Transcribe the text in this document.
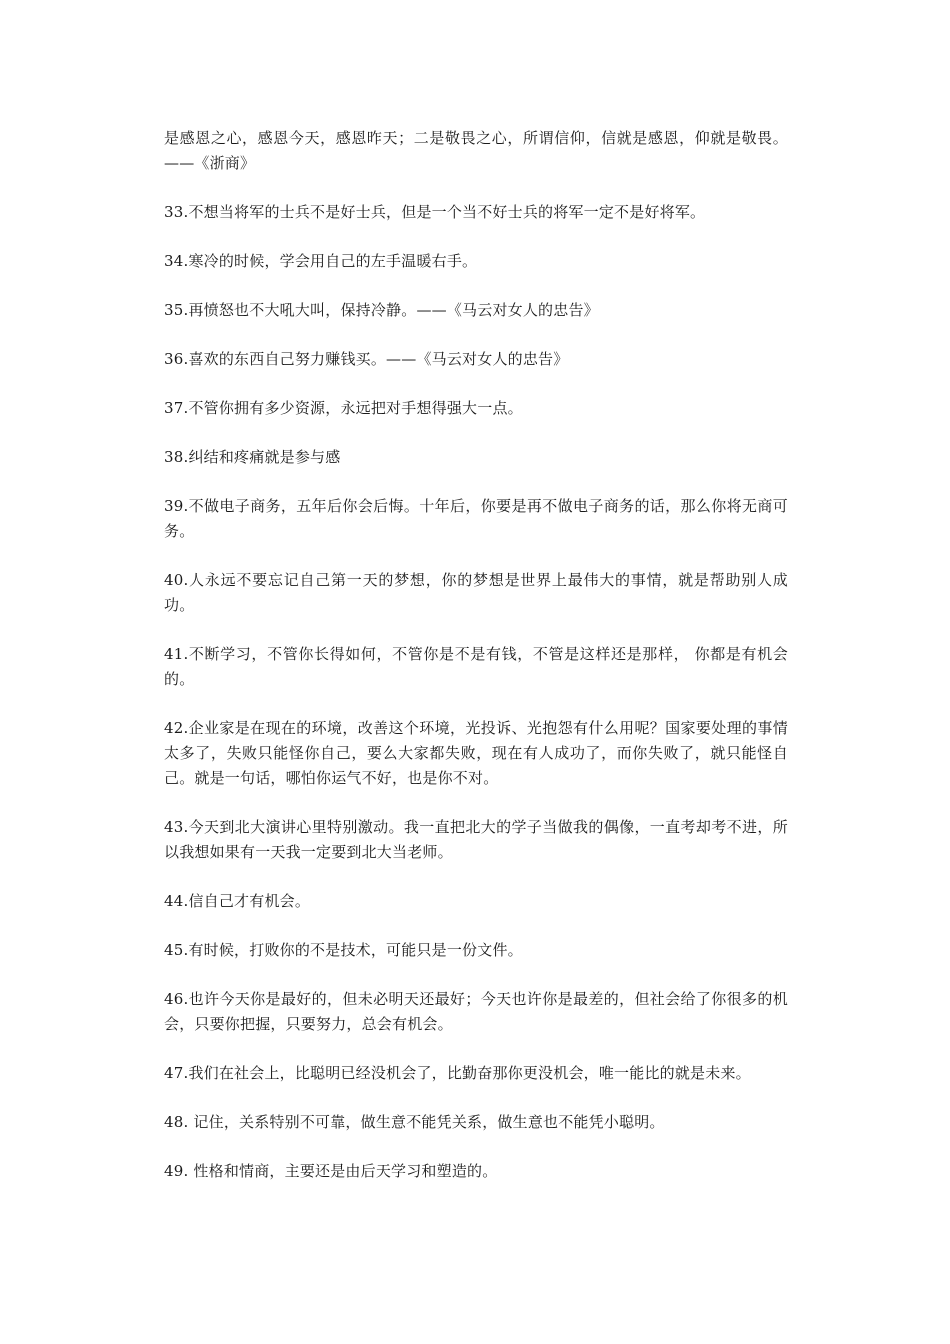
是感恩之心，感恩今天，感恩昨天；二是敬畏之心，所谓信仰，信就是感恩，仰就是敬畏。——《浙商》

33.不想当将军的士兵不是好士兵，但是一个当不好士兵的将军一定不是好将军。

34.寒冷的时候，学会用自己的左手温暖右手。

35.再愤怒也不大吼大叫，保持冷静。——《马云对女人的忠告》

36.喜欢的东西自己努力赚钱买。——《马云对女人的忠告》

37.不管你拥有多少资源，永远把对手想得强大一点。

38.纠结和疼痛就是参与感

39.不做电子商务，五年后你会后悔。十年后，你要是再不做电子商务的话，那么你将无商可务。

40.人永远不要忘记自己第一天的梦想，你的梦想是世界上最伟大的事情，就是帮助别人成功。

41.不断学习，不管你长得如何，不管你是不是有钱，不管是这样还是那样， 你都是有机会的。

42.企业家是在现在的环境，改善这个环境，光投诉、光抱怨有什么用呢？国家要处理的事情太多了，失败只能怪你自己，要么大家都失败，现在有人成功了，而你失败了，就只能怪自己。就是一句话，哪怕你运气不好，也是你不对。

43.今天到北大演讲心里特别激动。我一直把北大的学子当做我的偶像，一直考却考不进，所以我想如果有一天我一定要到北大当老师。

44.信自己才有机会。

45.有时候，打败你的不是技术，可能只是一份文件。

46.也许今天你是最好的，但未必明天还最好；今天也许你是最差的，但社会给了你很多的机会，只要你把握，只要努力，总会有机会。

47.我们在社会上，比聪明已经没机会了，比勤奋那你更没机会，唯一能比的就是未来。

48. 记住，关系特别不可靠，做生意不能凭关系，做生意也不能凭小聪明。

49. 性格和情商，主要还是由后天学习和塑造的。
